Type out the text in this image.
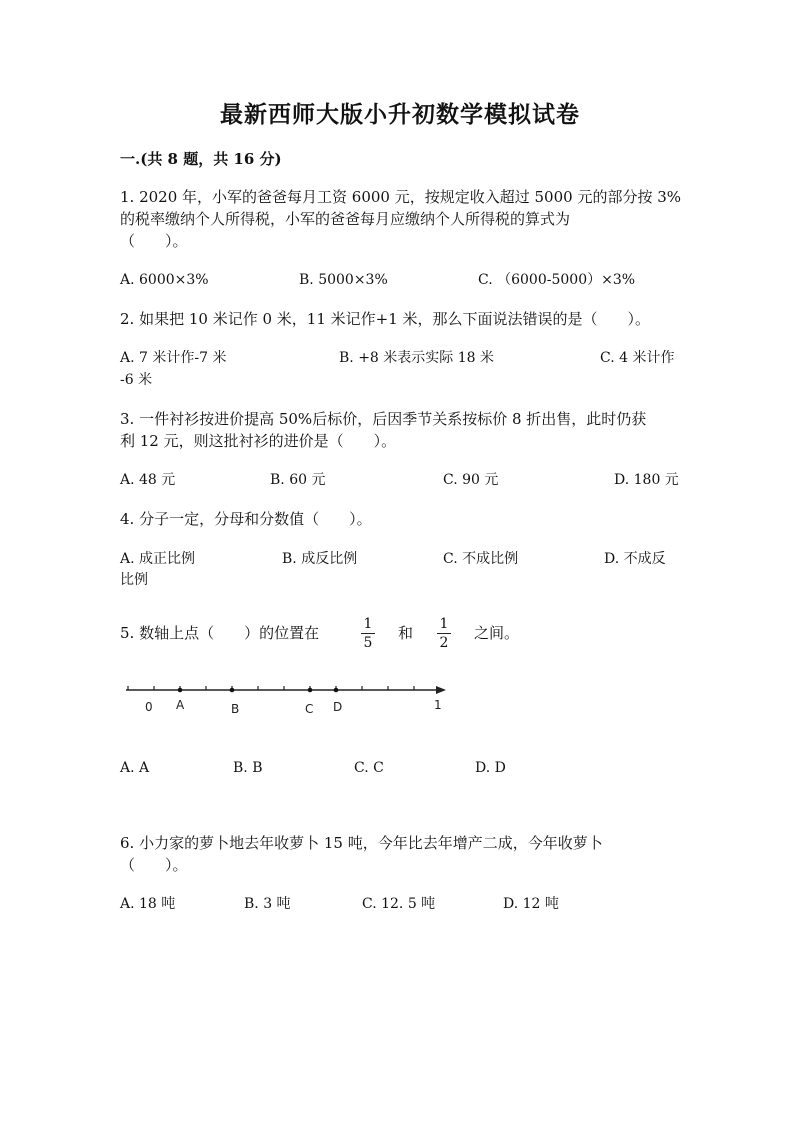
最新西师大版小升初数学模拟试卷
一.(共 8 题，共 16 分)
1. 2020 年，小军的爸爸每月工资 6000 元，按规定收入超过 5000 元的部分按 3%
的税率缴纳个人所得税，小军的爸爸每月应缴纳个人所得税的算式为
（　　）。
A. 6000×3%	B. 5000×3%	C. （6000-5000）×3%
2. 如果把 10 米记作 0 米，11 米记作+1 米，那么下面说法错误的是（　　）。
A. 7 米计作-7 米	B. +8 米表示实际 18 米	C. 4 米计作
-6 米
3. 一件衬衫按进价提高 50%后标价，后因季节关系按标价 8 折出售，此时仍获
利 12 元，则这批衬衫的进价是（　　）。
A. 48 元	B. 60 元	C. 90 元	D. 180 元
4. 分子一定，分母和分数值（　　）。
A. 成正比例	B. 成反比例	C. 不成比例	D. 不成反
比例
5. 数轴上点（　　）的位置在	1
5
和 1
2
之间。
0 A	B	C D	1
A. A	B. B	C. C	D. D
6. 小力家的萝卜地去年收萝卜 15 吨，今年比去年增产二成，今年收萝卜
（　　）。
A. 18 吨	B. 3 吨	C. 12. 5 吨	D. 12 吨
